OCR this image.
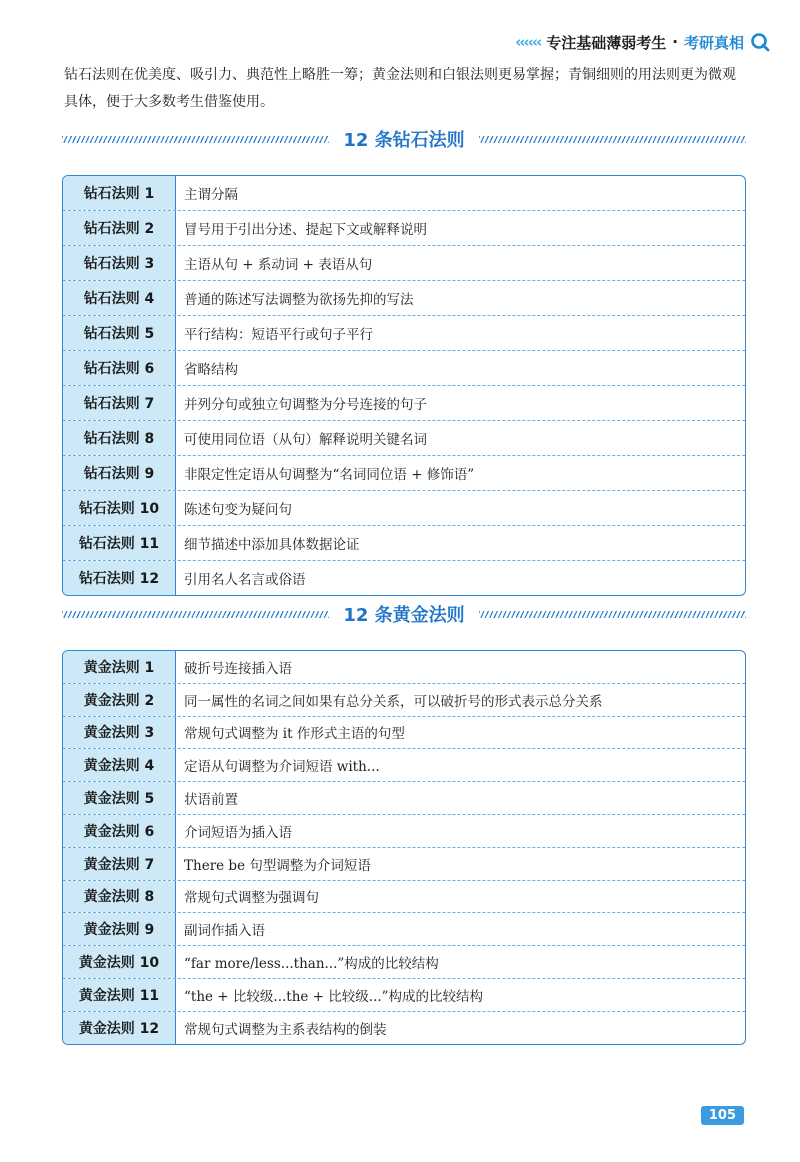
‹‹‹‹‹‹ 专注基础薄弱考生 · 考研真相
钻石法则在优美度、吸引力、典范性上略胜一筹；黄金法则和白银法则更易掌握；青铜细则的用法则更为微观具体，便于大多数考生借鉴使用。
12 条钻石法则
钻石法则 1	主谓分隔
钻石法则 2	冒号用于引出分述、提起下文或解释说明
钻石法则 3	主语从句 + 系动词 + 表语从句
钻石法则 4	普通的陈述写法调整为欲扬先抑的写法
钻石法则 5	平行结构：短语平行或句子平行
钻石法则 6	省略结构
钻石法则 7	并列分句或独立句调整为分号连接的句子
钻石法则 8	可使用同位语（从句）解释说明关键名词
钻石法则 9	非限定性定语从句调整为“名词同位语 + 修饰语”
钻石法则 10	陈述句变为疑问句
钻石法则 11	细节描述中添加具体数据论证
钻石法则 12	引用名人名言或俗语
12 条黄金法则
黄金法则 1	破折号连接插入语
黄金法则 2	同一属性的名词之间如果有总分关系，可以破折号的形式表示总分关系
黄金法则 3	常规句式调整为 it 作形式主语的句型
黄金法则 4	定语从句调整为介词短语 with...
黄金法则 5	状语前置
黄金法则 6	介词短语为插入语
黄金法则 7	There be 句型调整为介词短语
黄金法则 8	常规句式调整为强调句
黄金法则 9	副词作插入语
黄金法则 10	“far more/less...than...”构成的比较结构
黄金法则 11	“the + 比较级...the + 比较级...”构成的比较结构
黄金法则 12	常规句式调整为主系表结构的倒装
105
